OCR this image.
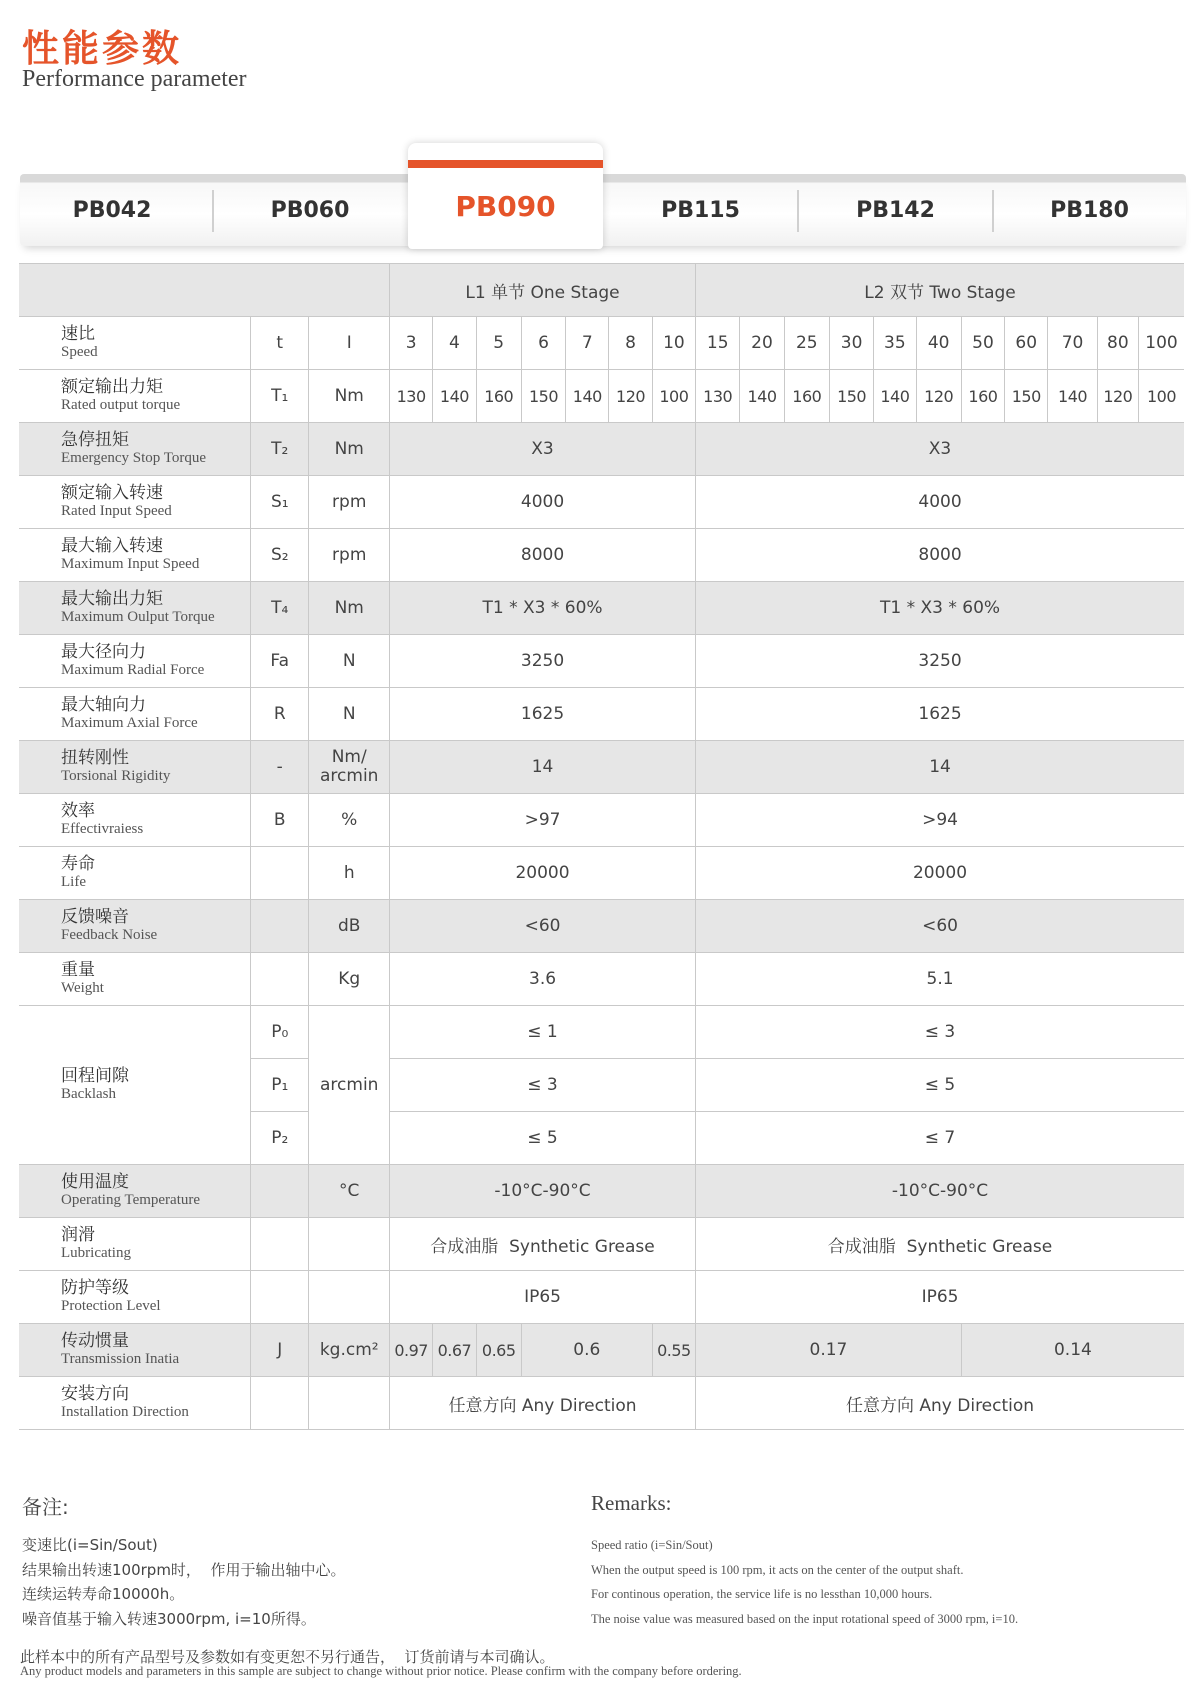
性能参数
Performance parameter
PB042	PB060	PB115	PB142	PB180
PB090
			L1 单节 One Stage							L2 双节 Two Stage										

速比
Speed	t	I	3	4	5	6	7	8	10	15	20	25	30	35	40	50	60	70	80	100

额定输出力矩
Rated output torque	T₁	Nm	130	140	160	150	140	120	100	130	140	160	150	140	120	160	150	140	120	100

急停扭矩
Emergency Stop Torque	T₂	Nm	X3							X3										

额定输入转速
Rated Input Speed	S₁	rpm	4000							4000										

最大输入转速
Maximum Input Speed	S₂	rpm	8000							8000										

最大输出力矩
Maximum Oulput Torque	T₄	Nm	T1 * X3 * 60%							T1 * X3 * 60%										

最大径向力
Maximum Radial Force	Fa	N	3250							3250										

最大轴向力
Maximum Axial Force	R	N	1625							1625										

扭转刚性
Torsional Rigidity	-	Nm/ arcmin	14							14										

效率
Effectivraiess	B	%	>97							>94										

寿命
Life		h	20000							20000										

反馈噪音
Feedback Noise		dB	<60							<60										

重量
Weight		Kg	3.6							5.1										

回程间隙
Backlash	P₀	arcmin	≤ 1							≤ 3										
	P₁		≤ 3							≤ 5										
	P₂		≤ 5							≤ 7										

使用温度
Operating Temperature		°C	-10°C-90°C							-10°C-90°C										

润滑
Lubricating			合成油脂  Synthetic Grease							合成油脂  Synthetic Grease										

防护等级
Protection Level			IP65							IP65										

传动惯量
Transmission Inatia	J	kg.cm²	0.97	0.67	0.65	0.6			0.55	0.17						0.14				

安装方向
Installation Direction			任意方向 Any Direction							任意方向 Any Direction										
备注:
变速比(i=Sin/Sout)
结果输出转速100rpm时，  作用于输出轴中心。
连续运转寿命10000h。
噪音值基于输入转速3000rpm, i=10所得。
Remarks:
Speed ratio (i=Sin/Sout)
When the output speed is 100 rpm, it acts on the center of the output shaft.
For continous operation, the service life is no lessthan 10,000 hours.
The noise value was measured based on the input rotational speed of 3000 rpm, i=10.
此样本中的所有产品型号及参数如有变更恕不另行通告，  订货前请与本司确认。
Any product models and parameters in this sample are subject to change without prior notice. Please confirm with the company before ordering.
